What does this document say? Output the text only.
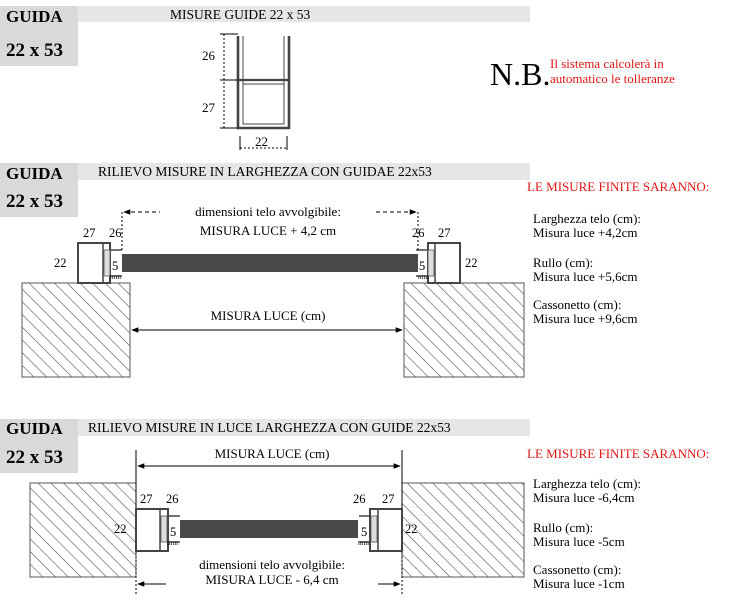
GUIDA
22 x 53
MISURE GUIDE 22 x 53
26
27
22
N.B. Il sistema calcolerà in
automatico le tolleranze
GUIDA
22 x 53
RILIEVO MISURE IN LARGHEZZA CON GUIDAE 22x53
dimensioni telo avvolgibile:
MISURA LUCE + 4,2 cm
MISURA LUCE (cm)
27 26	26 27
22	22
5
mm
5
mm
LE MISURE FINITE SARANNO:
Larghezza telo (cm):
Misura luce +4,2cm
Rullo (cm):
Misura luce +5,6cm
Cassonetto (cm):
Misura luce +9,6cm
GUIDA
22 x 53
RILIEVO MISURE IN LUCE LARGHEZZA CON GUIDE 22x53
MISURA LUCE (cm)
dimensioni telo avvolgibile:
MISURA LUCE - 6,4 cm
27 26	26 27
22	22
5
mm
5
mm
LE MISURE FINITE SARANNO:
Larghezza telo (cm):
Misura luce -6,4cm
Rullo (cm):
Misura luce -5cm
Cassonetto (cm):
Misura luce -1cm
